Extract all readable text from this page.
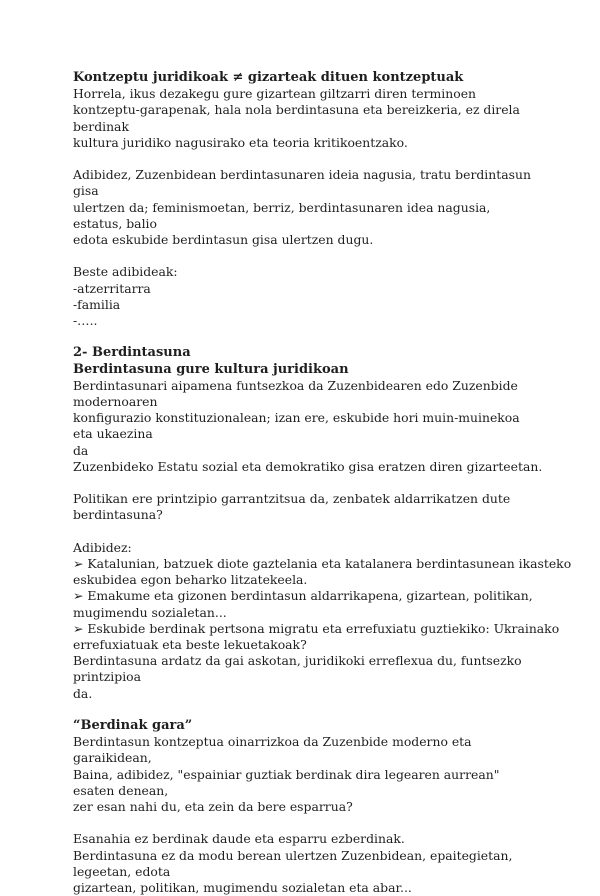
Kontzeptu juridikoak ≠ gizarteak dituen kontzeptuak

Horrela, ikus dezakegu gure gizartean giltzarri diren terminoen

kontzeptu-garapenak, hala nola berdintasuna eta bereizkeria, ez direla berdinak

kultura juridiko nagusirako eta teoria kritikoentzako.

Adibidez, Zuzenbidean berdintasunaren ideia nagusia, tratu berdintasun gisa

ulertzen da; feminismoetan, berriz, berdintasunaren idea nagusia, estatus, balio

edota eskubide berdintasun gisa ulertzen dugu.

Beste adibideak:

-atzerritarra

-familia

-…..

2- Berdintasuna

Berdintasuna gure kultura juridikoan

Berdintasunari aipamena funtsezkoa da Zuzenbidearen edo Zuzenbide modernoaren

konfigurazio konstituzionalean; izan ere, eskubide hori muin-muinekoa eta ukaezina

da

Zuzenbideko Estatu sozial eta demokratiko gisa eratzen diren gizarteetan.

Politikan ere printzipio garrantzitsua da, zenbatek aldarrikatzen dute berdintasuna?

Adibidez:

➢ Katalunian, batzuek diote gaztelania eta katalanera berdintasunean ikasteko

eskubidea egon beharko litzatekeela.

➢ Emakume eta gizonen berdintasun aldarrikapena, gizartean, politikan,

mugimendu sozialetan...

➢ Eskubide berdinak pertsona migratu eta errefuxiatu guztiekiko: Ukrainako

errefuxiatuak eta beste lekuetakoak?

Berdintasuna ardatz da gai askotan, juridikoki erreflexua du, funtsezko printzipioa

da.

“Berdinak gara”

Berdintasun kontzeptua oinarrizkoa da Zuzenbide moderno eta garaikidean,

Baina, adibidez, "espainiar guztiak berdinak dira legearen aurrean" esaten denean,

zer esan nahi du, eta zein da bere esparrua?

Esanahia ez berdinak daude eta esparru ezberdinak.

Berdintasuna ez da modu berean ulertzen Zuzenbidean, epaitegietan, legeetan, edota

gizartean, politikan, mugimendu sozialetan eta abar...
